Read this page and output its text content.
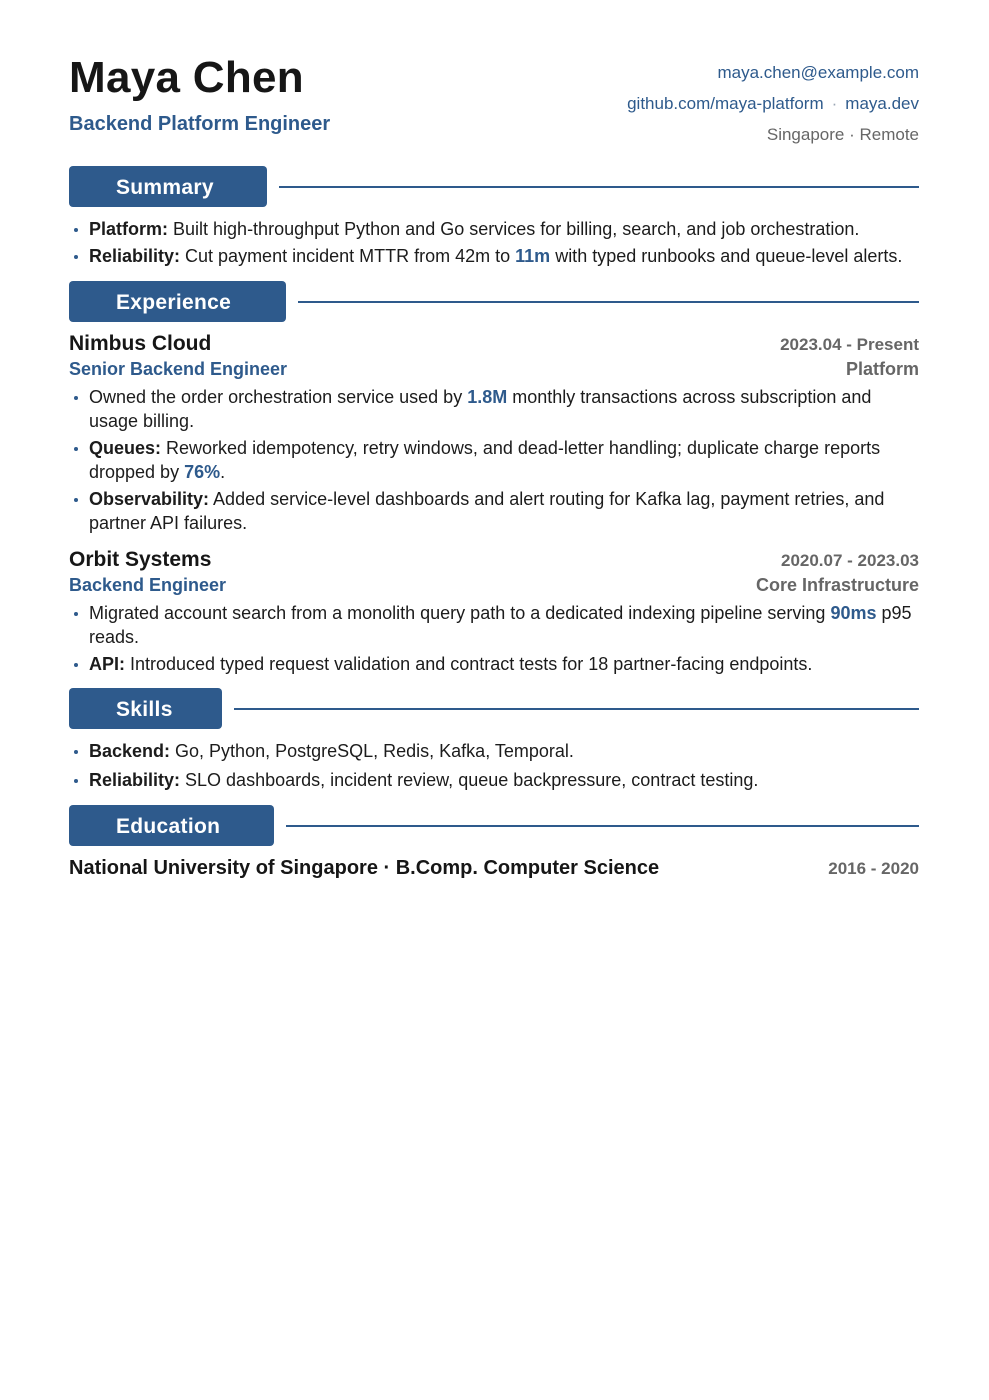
Maya Chen
Backend Platform Engineer
maya.chen@example.com
github.com/maya-platform · maya.dev
Singapore · Remote
Summary
Platform: Built high-throughput Python and Go services for billing, search, and job orchestration.
Reliability: Cut payment incident MTTR from 42m to 11m with typed runbooks and queue-level alerts.
Experience
Nimbus Cloud	2023.04 - Present
Senior Backend Engineer	Platform
Owned the order orchestration service used by 1.8M monthly transactions across subscription and usage billing.
Queues: Reworked idempotency, retry windows, and dead-letter handling; duplicate charge reports dropped by 76%.
Observability: Added service-level dashboards and alert routing for Kafka lag, payment retries, and partner API failures.
Orbit Systems	2020.07 - 2023.03
Backend Engineer	Core Infrastructure
Migrated account search from a monolith query path to a dedicated indexing pipeline serving 90ms p95 reads.
API: Introduced typed request validation and contract tests for 18 partner-facing endpoints.
Skills
Backend: Go, Python, PostgreSQL, Redis, Kafka, Temporal.
Reliability: SLO dashboards, incident review, queue backpressure, contract testing.
Education
National University of Singapore · B.Comp. Computer Science	2016 - 2020
